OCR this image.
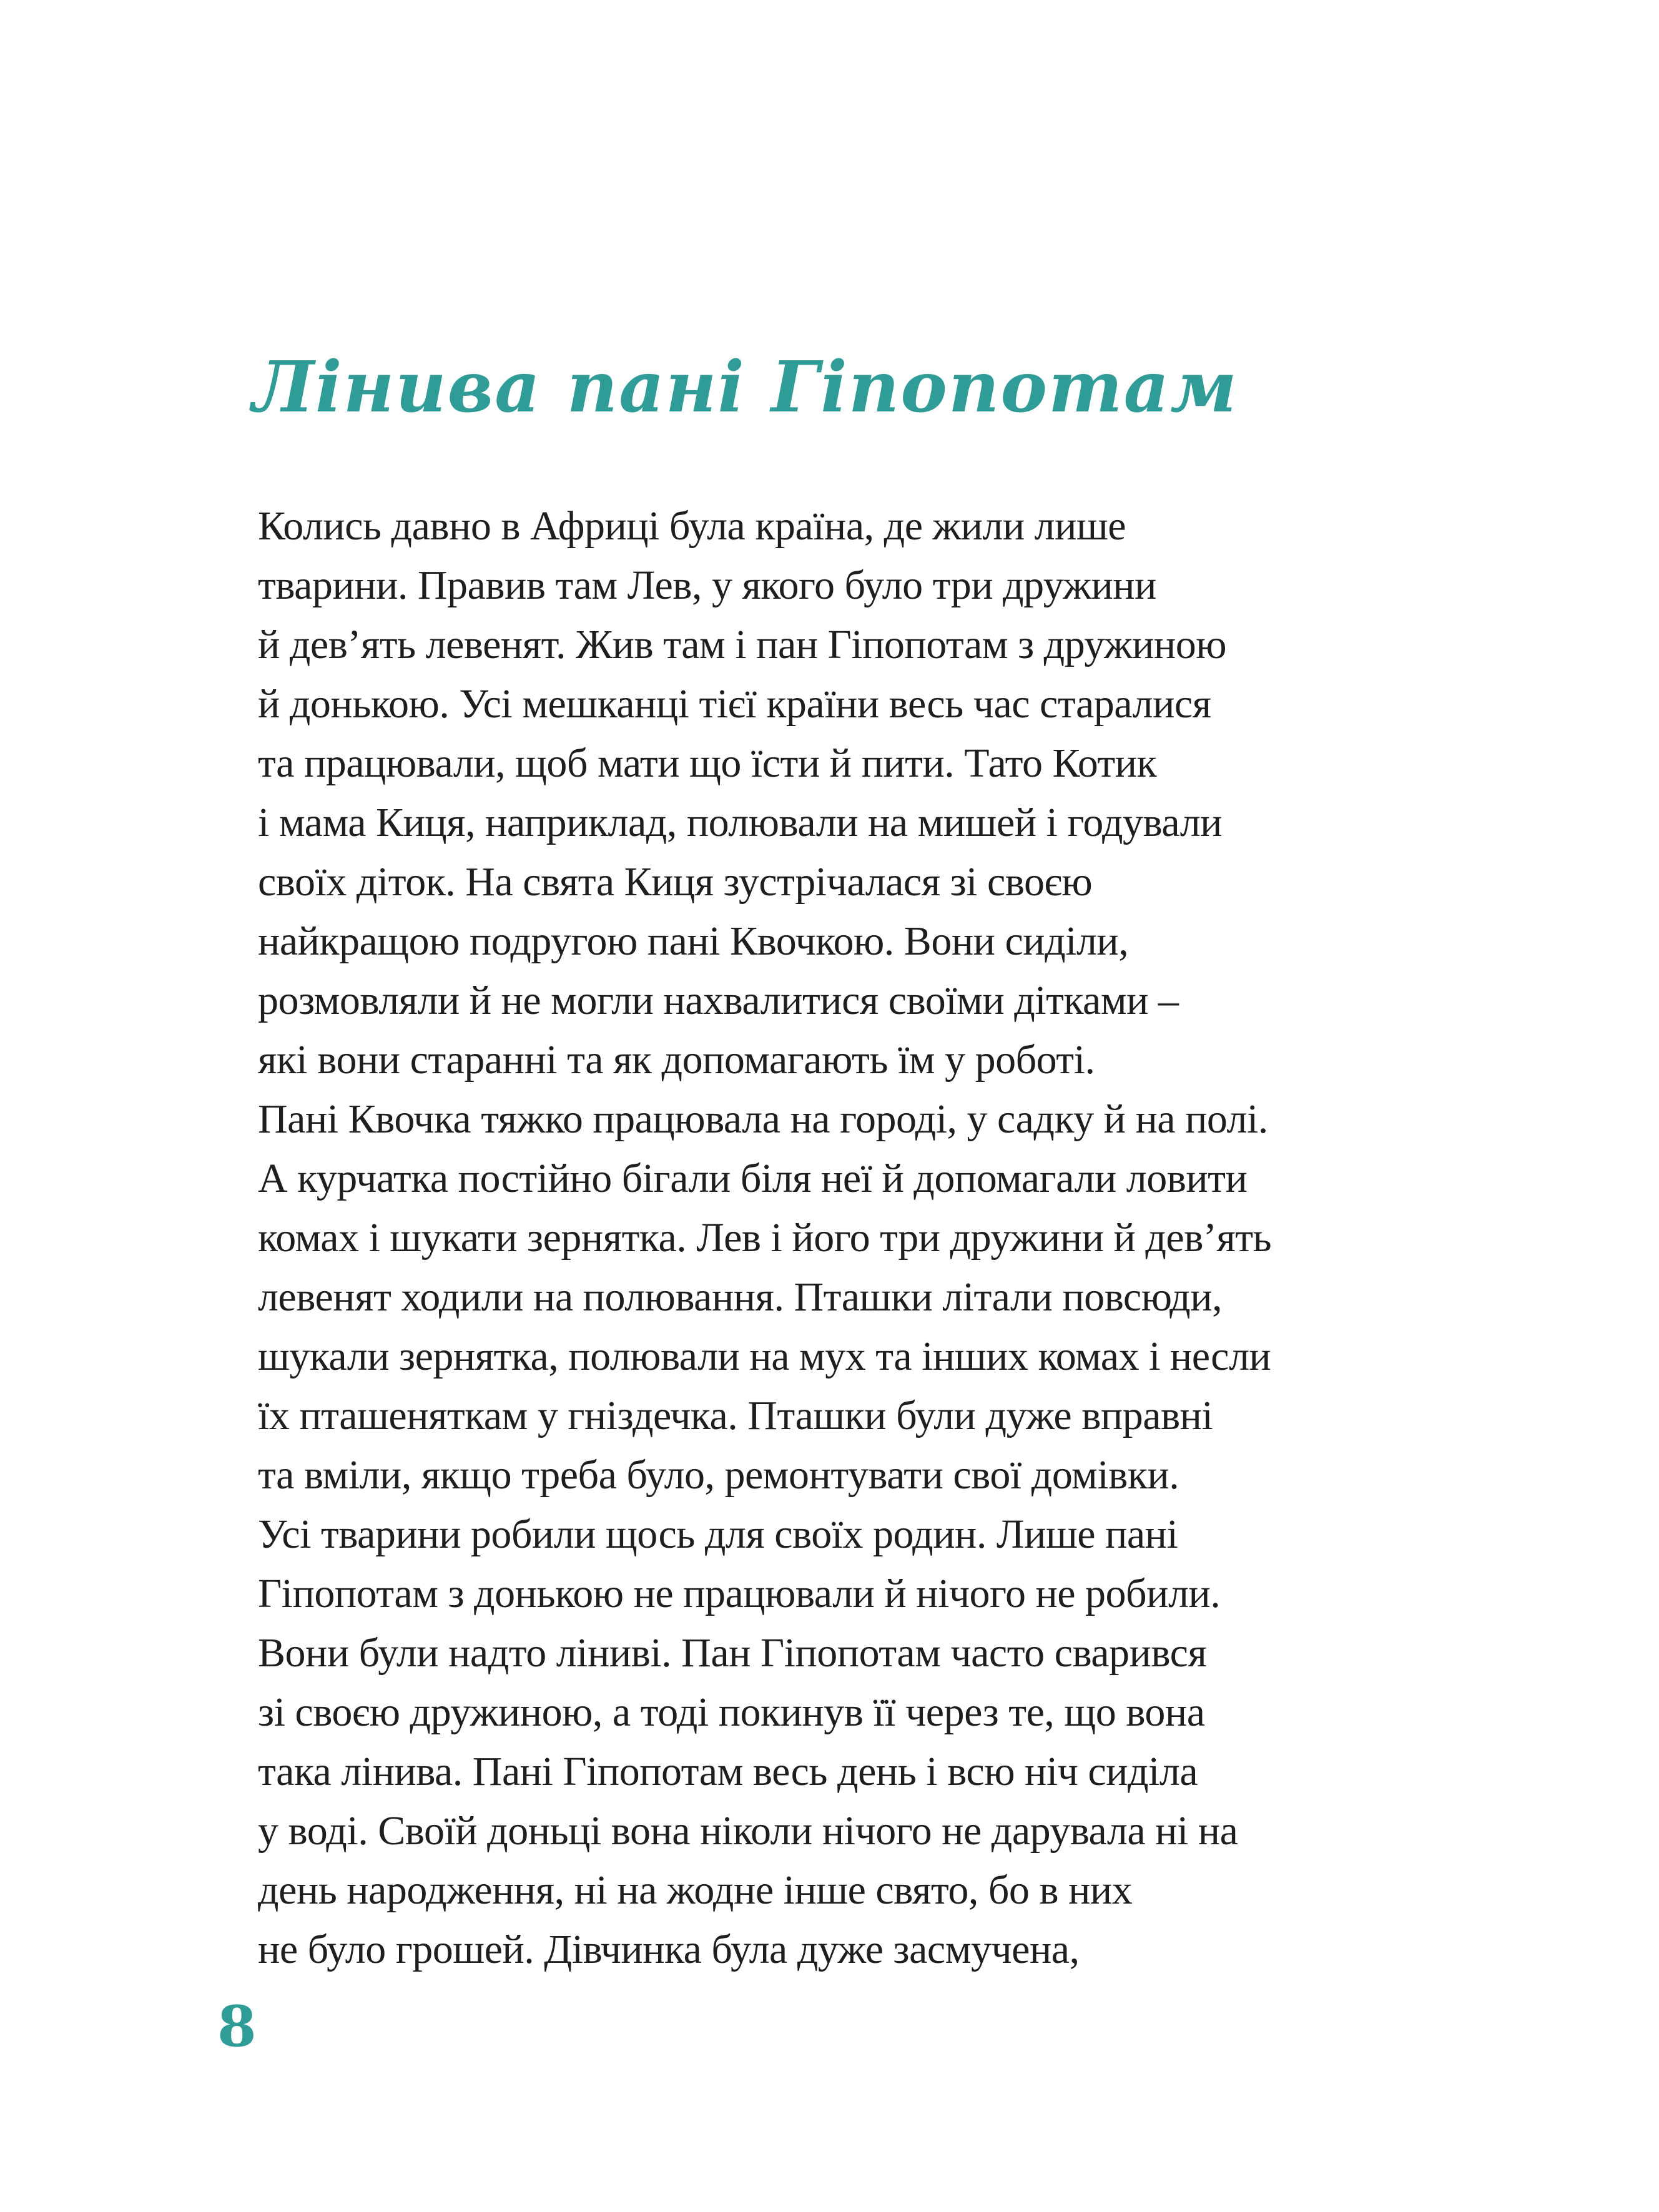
Лінива пані Гіпопотам
Колись давно в Африці була країна, де жили лише
тварини. Правив там Лев, у якого було три дружини
й дев’ять левенят. Жив там і пан Гіпопотам з дружиною
й донькою. Усі мешканці тієї країни весь час старалися
та працювали, щоб мати що їсти й пити. Тато Котик
і мама Киця, наприклад, полювали на мишей і годували
своїх діток. На свята Киця зустрічалася зі своєю
найкращою подругою пані Квочкою. Вони сиділи,
розмовляли й не могли нахвалитися своїми дітками –
які вони старанні та як допомагають їм у роботі.
Пані Квочка тяжко працювала на городі, у садку й на полі.
А курчатка постійно бігали біля неї й допомагали ловити
комах і шукати зернятка. Лев і його три дружини й дев’ять
левенят ходили на полювання. Пташки літали повсюди,
шукали зернятка, полювали на мух та інших комах і несли
їх пташеняткам у гніздечка. Пташки були дуже вправні
та вміли, якщо треба було, ремонтувати свої домівки.
Усі тварини робили щось для своїх родин. Лише пані
Гіпопотам з донькою не працювали й нічого не робили.
Вони були надто ліниві. Пан Гіпопотам часто сварився
зі своєю дружиною, а тоді покинув її через те, що вона
така лінива. Пані Гіпопотам весь день і всю ніч сиділа
у воді. Своїй доньці вона ніколи нічого не дарувала ні на
день народження, ні на жодне інше свято, бо в них
не було грошей. Дівчинка була дуже засмучена,

8
